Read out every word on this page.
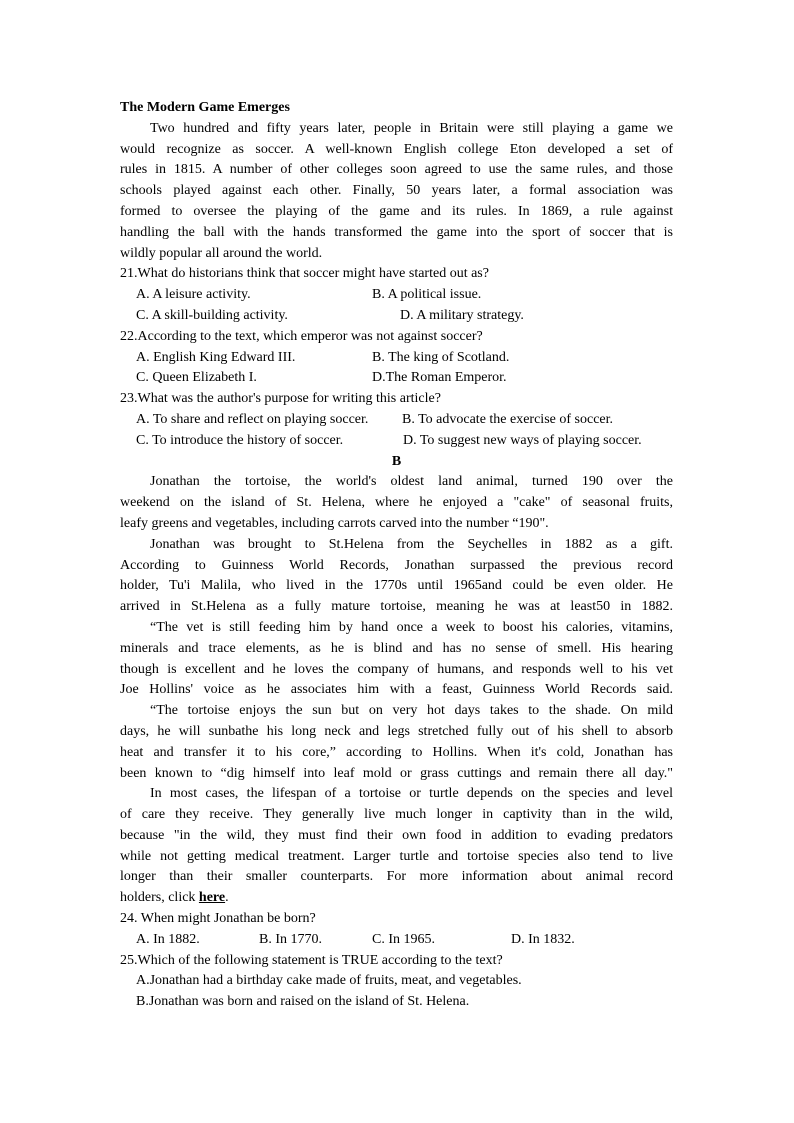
The Modern Game Emerges
Two hundred and fifty years later, people in Britain were still playing a game we
would recognize as soccer. A well-known English college Eton developed a set of
rules in 1815. A number of other colleges soon agreed to use the same rules, and those
schools played against each other. Finally, 50 years later, a formal association was
formed to oversee the playing of the game and its rules. In 1869, a rule against
handling the ball with the hands transformed the game into the sport of soccer that is
wildly popular all around the world.
21.What do historians think that soccer might have started out as?
A. A leisure activity.	B. A political issue.
C. A skill-building activity.	D. A military strategy.
22.According to the text, which emperor was not against soccer?
A. English King Edward III.	B. The king of Scotland.
C. Queen Elizabeth I.	D.The Roman Emperor.
23.What was the author's purpose for writing this article?
A. To share and reflect on playing soccer. B. To advocate the exercise of soccer.
C. To introduce the history of soccer.	D. To suggest new ways of playing soccer.
B
Jonathan the tortoise, the world's oldest land animal, turned 190 over the
weekend on the island of St. Helena, where he enjoyed a "cake" of seasonal fruits,
leafy greens and vegetables, including carrots carved into the number “190".
Jonathan was brought to St.Helena from the Seychelles in 1882 as a gift.
According to Guinness World Records, Jonathan surpassed the previous record
holder, Tu'i Malila, who lived in the 1770s until 1965and could be even older. He
arrived in St.Helena as a fully mature tortoise, meaning he was at least50 in 1882.
“The vet is still feeding him by hand once a week to boost his calories, vitamins,
minerals and trace elements, as he is blind and has no sense of smell. His hearing
though is excellent and he loves the company of humans, and responds well to his vet
Joe Hollins' voice as he associates him with a feast, Guinness World Records said.
“The tortoise enjoys the sun but on very hot days takes to the shade. On mild
days, he will sunbathe his long neck and legs stretched fully out of his shell to absorb
heat and transfer it to his core,” according to Hollins. When it's cold, Jonathan has
been known to “dig himself into leaf mold or grass cuttings and remain there all day."
In most cases, the lifespan of a tortoise or turtle depends on the species and level
of care they receive. They generally live much longer in captivity than in the wild,
because "in the wild, they must find their own food in addition to evading predators
while not getting medical treatment. Larger turtle and tortoise species also tend to live
longer than their smaller counterparts. For more information about animal record
holders, click here.
24. When might Jonathan be born?
A. In 1882.	B. In 1770.	C. In 1965.	D. In 1832.
25.Which of the following statement is TRUE according to the text?
A.Jonathan had a birthday cake made of fruits, meat, and vegetables.
B.Jonathan was born and raised on the island of St. Helena.
